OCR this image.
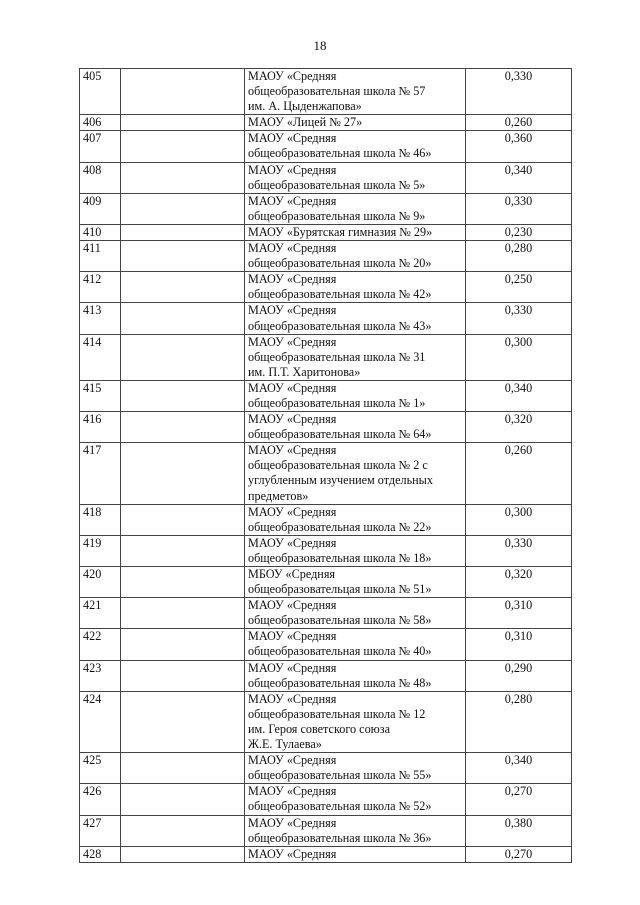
18
405		МАОУ «Средняя
общеобразовательная школа № 57
им. А. Цыденжапова»	0,330
406		МАОУ «Лицей № 27»	0,260
407		МАОУ «Средняя
общеобразовательная школа № 46»	0,360
408		МАОУ «Средняя
общеобразовательная школа № 5»	0,340
409		МАОУ «Средняя
общеобразовательная школа № 9»	0,330
410		МАОУ «Бурятская гимназия № 29»	0,230
411		МАОУ «Средняя
общеобразовательная школа № 20»	0,280
412		МАОУ «Средняя
общеобразовательная школа № 42»	0,250
413		МАОУ «Средняя
общеобразовательная школа № 43»	0,330
414		МАОУ «Средняя
общеобразовательная школа № 31
им. П.Т. Харитонова»	0,300
415		МАОУ «Средняя
общеобразовательная школа № 1»	0,340
416		МАОУ «Средняя
общеобразовательная школа № 64»	0,320
417		МАОУ «Средняя
общеобразовательная школа № 2 с
углубленным изучением отдельных
предметов»	0,260
418		МАОУ «Средняя
общеобразовательная школа № 22»	0,300
419		МАОУ «Средняя
общеобразовательная школа № 18»	0,330
420		МБОУ «Средняя
общеобразовательцая школа № 51»	0,320
421		МАОУ «Средняя
общеобразовательная школа № 58»	0,310
422		МАОУ «Средняя
общеобразовательная школа № 40»	0,310
423		МАОУ «Средняя
общеобразовательная школа № 48»	0,290
424		МАОУ «Средняя
общеобразовательная школа № 12
им. Героя советского союза
Ж.Е. Тулаева»	0,280
425		МАОУ «Средняя
общеобразовательная школа № 55»	0,340
426		МАОУ «Средняя
общеобразовательная школа № 52»	0,270
427		МАОУ «Средняя
общеобразовательная школа № 36»	0,380
428		МАОУ «Средняя	0,270
